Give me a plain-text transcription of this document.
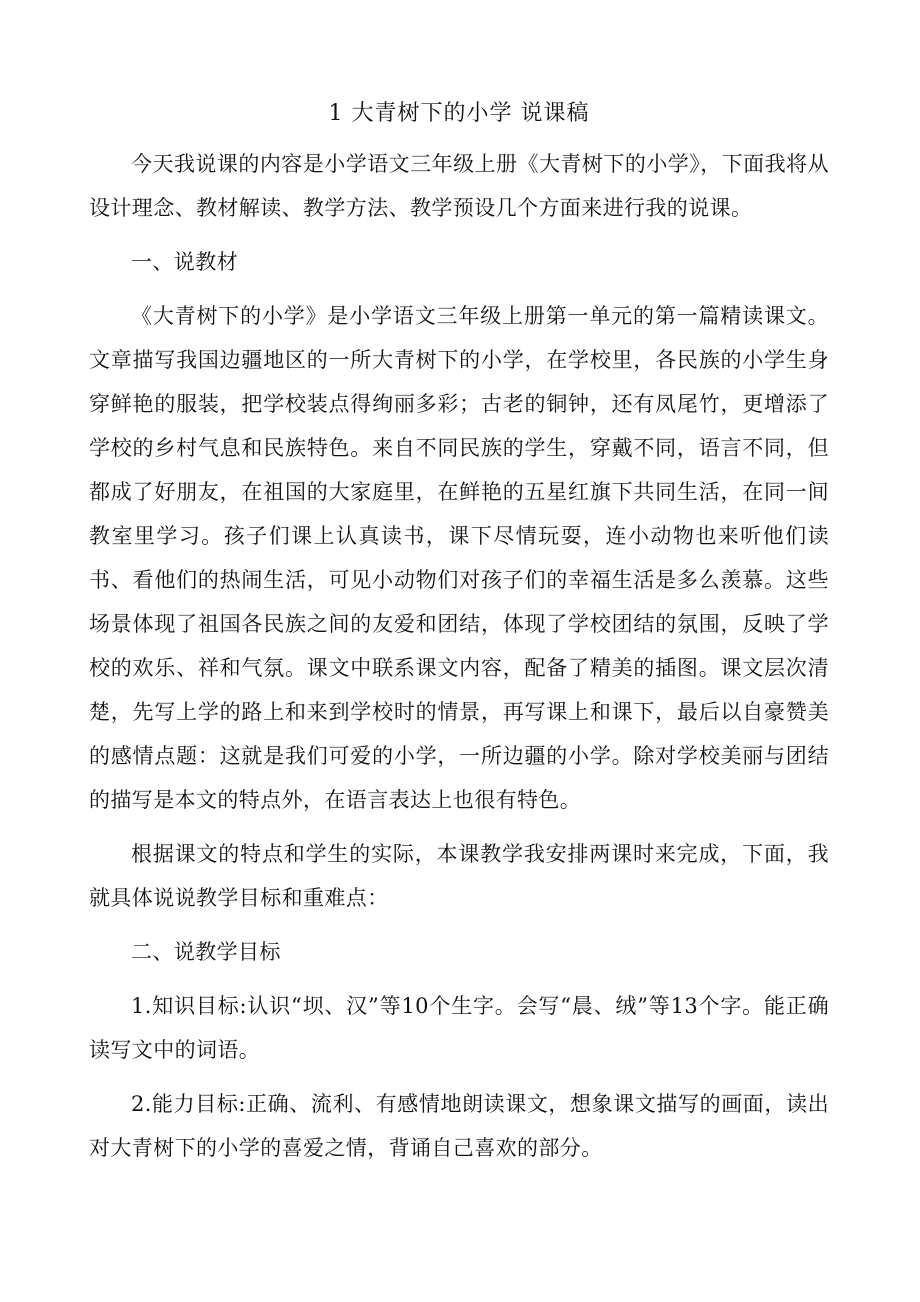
1 大青树下的小学 说课稿

今天我说课的内容是小学语文三年级上册《大青树下的小学》，下面我将从设计理念、教材解读、教学方法、教学预设几个方面来进行我的说课。

一、说教材

《大青树下的小学》是小学语文三年级上册第一单元的第一篇精读课文。文章描写我国边疆地区的一所大青树下的小学，在学校里，各民族的小学生身穿鲜艳的服装，把学校装点得绚丽多彩；古老的铜钟，还有凤尾竹，更增添了学校的乡村气息和民族特色。来自不同民族的学生，穿戴不同，语言不同，但都成了好朋友，在祖国的大家庭里，在鲜艳的五星红旗下共同生活，在同一间教室里学习。孩子们课上认真读书，课下尽情玩耍，连小动物也来听他们读书、看他们的热闹生活，可见小动物们对孩子们的幸福生活是多么羡慕。这些场景体现了祖国各民族之间的友爱和团结，体现了学校团结的氛围，反映了学校的欢乐、祥和气氛。课文中联系课文内容，配备了精美的插图。课文层次清楚，先写上学的路上和来到学校时的情景，再写课上和课下，最后以自豪赞美的感情点题：这就是我们可爱的小学，一所边疆的小学。除对学校美丽与团结的描写是本文的特点外，在语言表达上也很有特色。

根据课文的特点和学生的实际，本课教学我安排两课时来完成，下面，我就具体说说教学目标和重难点：

二、说教学目标

1.知识目标:认识“坝、汉”等10个生字。会写“晨、绒”等13个字。能正确读写文中的词语。

2.能力目标:正确、流利、有感情地朗读课文，想象课文描写的画面，读出对大青树下的小学的喜爱之情，背诵自己喜欢的部分。
